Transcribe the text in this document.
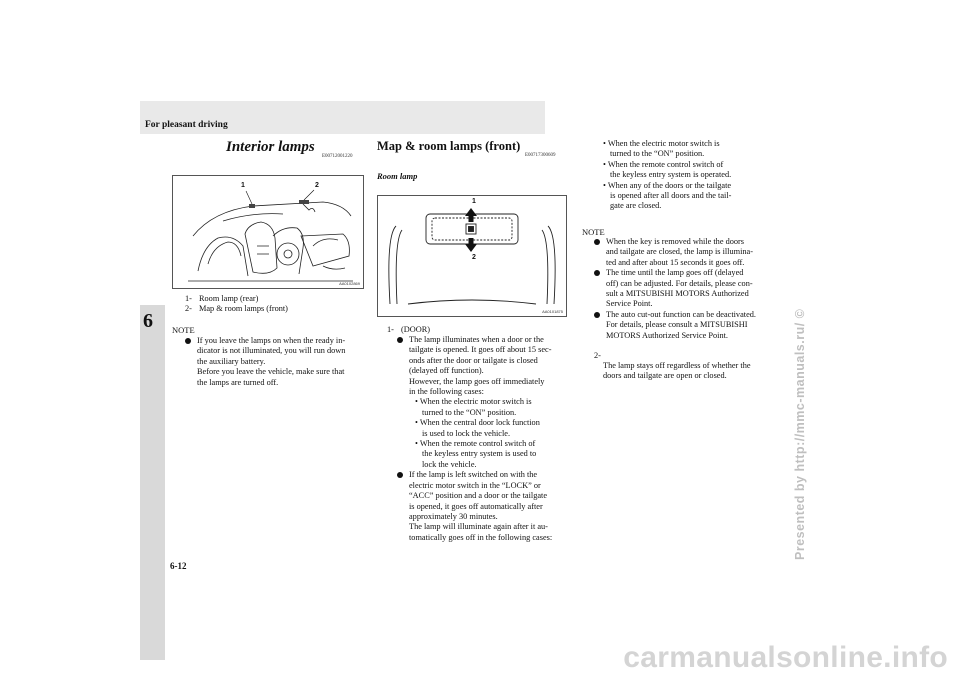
For pleasant driving
6
Interior lamps
E00712001220
1	2
AA0102869
1- Room lamp (rear)
2- Map & room lamps (front)
NOTE
If you leave the lamps on when the ready in-
dicator is not illuminated, you will run down
the auxiliary battery.
Before you leave the vehicle, make sure that
the lamps are turned off.
Map & room lamps (front)
E00717300609
Room lamp
1
2
AA0101875
1- (DOOR)
The lamp illuminates when a door or the
tailgate is opened. It goes off about 15 sec-
onds after the door or tailgate is closed
(delayed off function).
However, the lamp goes off immediately
in the following cases:
• When the electric motor switch is
turned to the “ON” position.
• When the central door lock function
is used to lock the vehicle.
• When the remote control switch of
the keyless entry system is used to
lock the vehicle.
If the lamp is left switched on with the
electric motor switch in the “LOCK” or
“ACC” position and a door or the tailgate
is opened, it goes off automatically after
approximately 30 minutes.
The lamp will illuminate again after it au-
tomatically goes off in the following cases:
• When the electric motor switch is
turned to the “ON” position.
• When the remote control switch of
the keyless entry system is operated.
• When any of the doors or the tailgate
is opened after all doors and the tail-
gate are closed.
NOTE
When the key is removed while the doors
and tailgate are closed, the lamp is illumina-
ted and after about 15 seconds it goes off.
The time until the lamp goes off (delayed
off) can be adjusted. For details, please con-
sult a MITSUBISHI MOTORS Authorized
Service Point.
The auto cut-out function can be deactivated.
For details, please consult a MITSUBISHI
MOTORS Authorized Service Point.
2-
The lamp stays off regardless of whether the
doors and tailgate are open or closed.
6-12
Presented by http://mmc-manuals.ru/ ©
carmanualsonline.info
